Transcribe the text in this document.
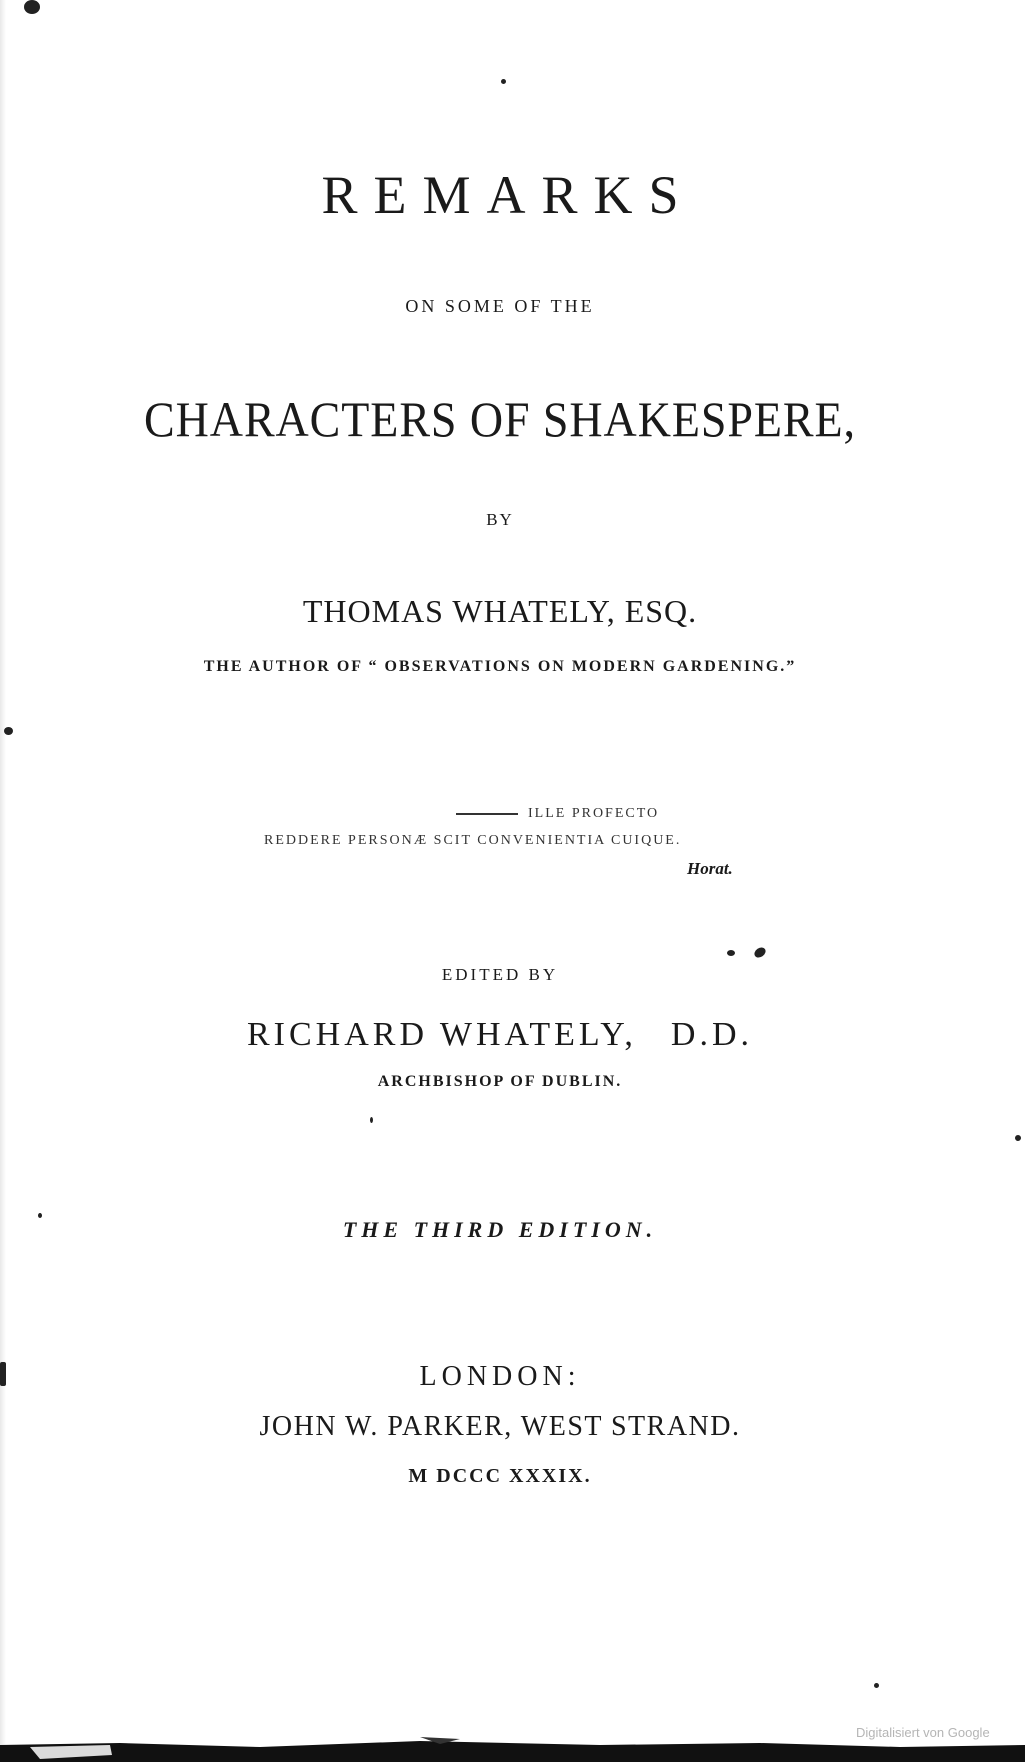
REMARKS
ON SOME OF THE
CHARACTERS OF SHAKESPERE,
BY
THOMAS WHATELY, ESQ.
THE AUTHOR OF “ OBSERVATIONS ON MODERN GARDENING.”
ILLE PROFECTO
REDDERE PERSONÆ SCIT CONVENIENTIA CUIQUE.
Horat.
EDITED BY
RICHARD WHATELY, D.D.
ARCHBISHOP OF DUBLIN.
THE THIRD EDITION.
LONDON:
JOHN W. PARKER, WEST STRAND.
M DCCC XXXIX.
Digitalisiert von Google
